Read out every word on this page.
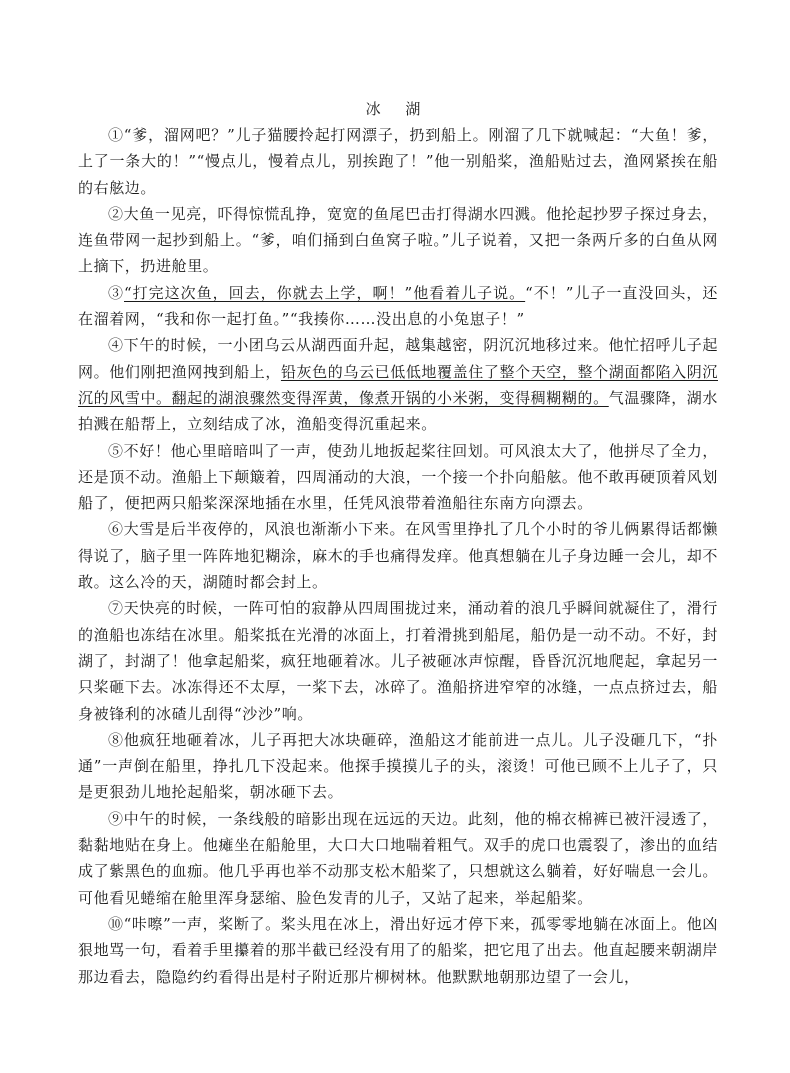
冰 湖

①“爹，溜网吧？”儿子猫腰拎起打网漂子，扔到船上。刚溜了几下就喊起：“大鱼！爹，上了一条大的！”“慢点儿，慢着点儿，别挨跑了！”他一别船桨，渔船贴过去，渔网紧挨在船的右舷边。

②大鱼一见亮，吓得惊慌乱挣，宽宽的鱼尾巴击打得湖水四溅。他抡起抄罗子探过身去，连鱼带网一起抄到船上。“爹，咱们捅到白鱼窝子啦。”儿子说着，又把一条两斤多的白鱼从网上摘下，扔进舱里。

③“打完这次鱼，回去，你就去上学，啊！”他看着儿子说。“不！”儿子一直没回头，还在溜着网，“我和你一起打鱼。”“我揍你……没出息的小兔崽子！”

④下午的时候，一小团乌云从湖西面升起，越集越密，阴沉沉地移过来。他忙招呼儿子起网。他们刚把渔网拽到船上，铅灰色的乌云已低低地覆盖住了整个天空，整个湖面都陷入阴沉沉的风雪中。翻起的湖浪骤然变得浑黄，像煮开锅的小米粥，变得稠糊糊的。气温骤降，湖水拍溅在船帮上，立刻结成了冰，渔船变得沉重起来。

⑤不好！他心里暗暗叫了一声，使劲儿地扳起桨往回划。可风浪太大了，他拼尽了全力，还是顶不动。渔船上下颠簸着，四周涌动的大浪，一个接一个扑向船舷。他不敢再硬顶着风划船了，便把两只船桨深深地插在水里，任凭风浪带着渔船往东南方向漂去。

⑥大雪是后半夜停的，风浪也渐渐小下来。在风雪里挣扎了几个小时的爷儿俩累得话都懒得说了，脑子里一阵阵地犯糊涂，麻木的手也痛得发痒。他真想躺在儿子身边睡一会儿，却不敢。这么冷的天，湖随时都会封上。

⑦天快亮的时候，一阵可怕的寂静从四周围拢过来，涌动着的浪几乎瞬间就凝住了，滑行的渔船也冻结在冰里。船桨抵在光滑的冰面上，打着滑挑到船尾，船仍是一动不动。不好，封湖了，封湖了！他拿起船桨，疯狂地砸着冰。儿子被砸冰声惊醒，昏昏沉沉地爬起，拿起另一只桨砸下去。冰冻得还不太厚，一桨下去，冰碎了。渔船挤进窄窄的冰缝，一点点挤过去，船身被锋利的冰碴儿刮得“沙沙”响。

⑧他疯狂地砸着冰，儿子再把大冰块砸碎，渔船这才能前进一点儿。儿子没砸几下，“扑通”一声倒在船里，挣扎几下没起来。他探手摸摸儿子的头，滚烫！可他已顾不上儿子了，只是更狠劲儿地抡起船桨，朝冰砸下去。

⑨中午的时候，一条线般的暗影出现在远远的天边。此刻，他的棉衣棉裤已被汗浸透了，黏黏地贴在身上。他瘫坐在船舱里，大口大口地喘着粗气。双手的虎口也震裂了，渗出的血结成了紫黑色的血痂。他几乎再也举不动那支松木船桨了，只想就这么躺着，好好喘息一会儿。可他看见蜷缩在舱里浑身瑟缩、脸色发青的儿子，又站了起来，举起船桨。

⑩“咔嚓”一声，桨断了。桨头甩在冰上，滑出好远才停下来，孤零零地躺在冰面上。他凶狠地骂一句，看着手里攥着的那半截已经没有用了的船桨，把它甩了出去。他直起腰来朝湖岸那边看去，隐隐约约看得出是村子附近那片柳树林。他默默地朝那边望了一会儿，
